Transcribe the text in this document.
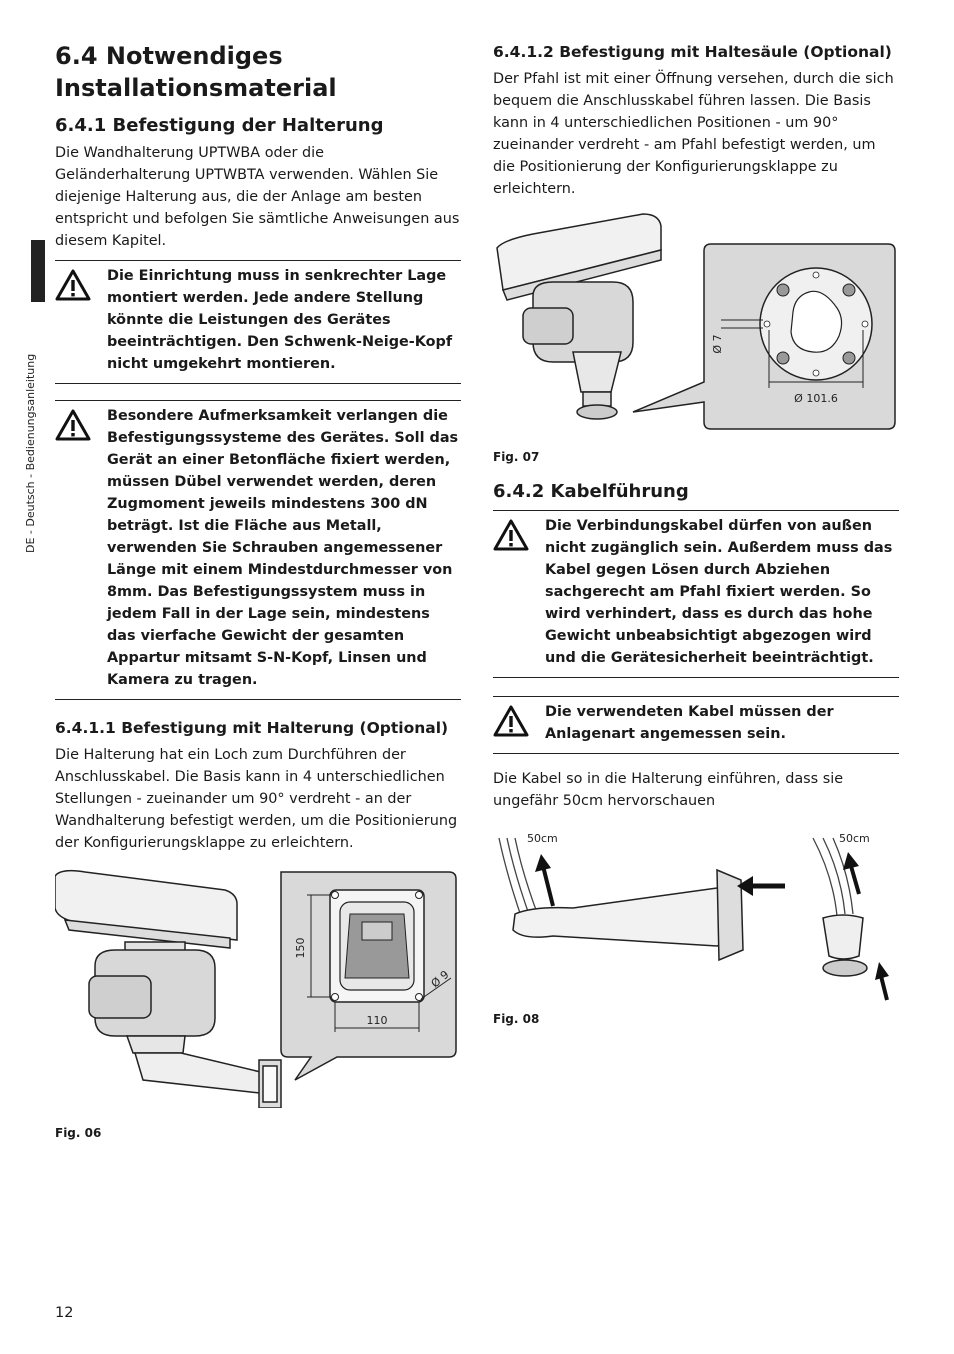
DE - Deutsch - Bedienungsanleitung
6.4 Notwendiges Installationsmaterial
6.4.1 Befestigung der Halterung

Die Wandhalterung UPTWBA oder die Geländerhalterung UPTWBTA verwenden. Wählen Sie diejenige Halterung aus, die der Anlage am besten entspricht und befolgen Sie sämtliche Anweisungen aus diesem Kapitel.

Die Einrichtung muss in senkrechter Lage montiert werden. Jede andere Stellung könnte die Leistungen des Gerätes beeinträchtigen. Den Schwenk-Neige-Kopf nicht umgekehrt montieren.
Besondere Aufmerksamkeit verlangen die Befestigungssysteme des Gerätes. Soll das Gerät an einer Betonfläche fixiert werden, müssen Dübel verwendet werden, deren Zugmoment jeweils mindestens 300 dN beträgt. Ist die Fläche aus Metall, verwenden Sie Schrauben angemessener Länge mit einem Mindestdurchmesser von 8mm. Das Befestigungssystem muss in jedem Fall in der Lage sein, mindestens das vierfache Gewicht der gesamten Appartur mitsamt S-N-Kopf, Linsen und Kamera zu tragen.
6.4.1.1 Befestigung mit Halterung (Optional)

Die Halterung hat ein Loch zum Durchführen der Anschlusskabel. Die Basis kann in 4 unterschiedlichen Stellungen - zueinander um 90° verdreht - an der Wandhalterung befestigt werden, um die Positionierung der Konfigurierungsklappe zu erleichtern.

150
110
Ø 9
Fig. 06
6.4.1.2 Befestigung mit Haltesäule (Optional)

Der Pfahl ist mit einer Öffnung versehen, durch die sich bequem die Anschlusskabel führen lassen. Die Basis kann in 4 unterschiedlichen Positionen - um 90° zueinander verdreht - am Pfahl befestigt werden, um die Positionierung der Konfigurierungsklappe zu erleichtern.

Ø 7
Ø 101.6
Fig. 07
6.4.2 Kabelführung
Die Verbindungskabel dürfen von außen nicht zugänglich sein. Außerdem muss das Kabel gegen Lösen durch Abziehen sachgerecht am Pfahl fixiert werden. So wird verhindert, dass es durch das hohe Gewicht unbeabsichtigt abgezogen wird und die Gerätesicherheit beeinträchtigt.
Die verwendeten Kabel müssen der Anlagenart angemessen sein.

Die Kabel so in die Halterung einführen, dass sie ungefähr 50cm hervorschauen

50cm	50cm
Fig. 08
12
